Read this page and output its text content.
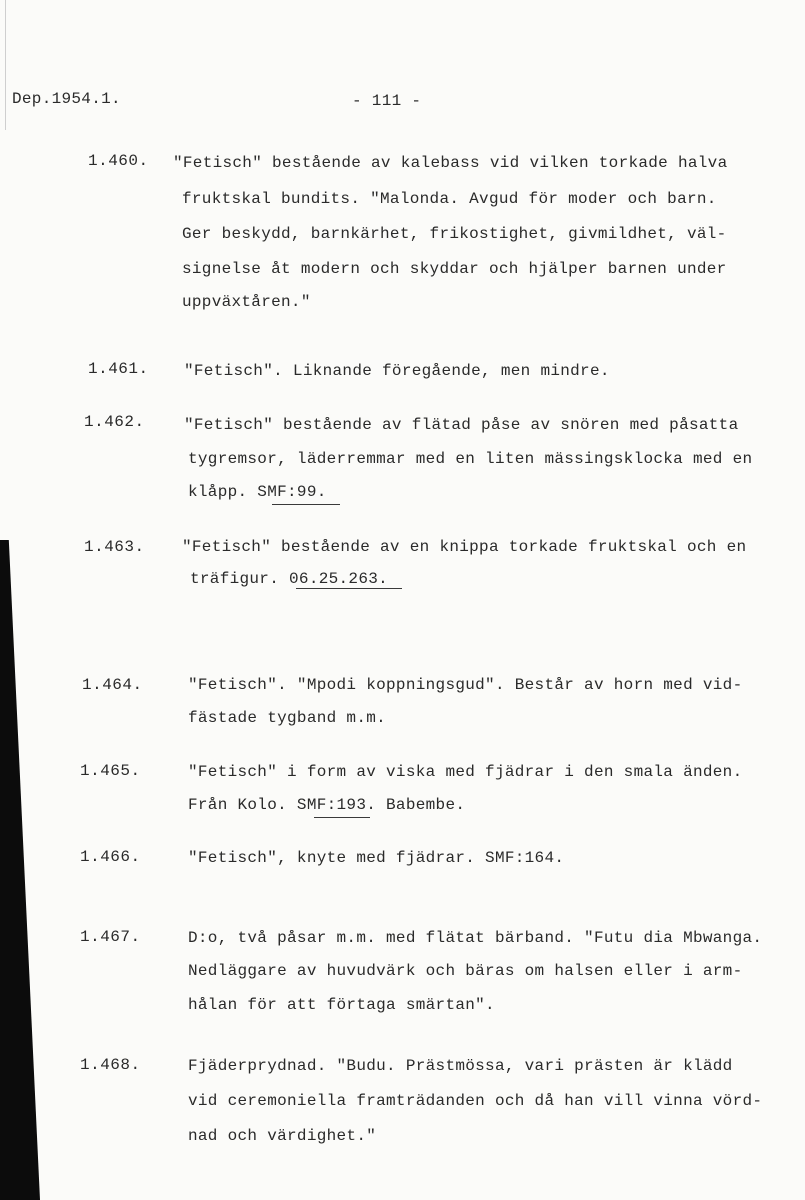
Dep.1954.1.	- 111 -
1.460. "Fetisch" bestående av kalebass vid vilken torkade halva
fruktskal bundits. "Malonda. Avgud för moder och barn.
Ger beskydd, barnkärhet, frikostighet, givmildhet, väl-
signelse åt modern och skyddar och hjälper barnen under
uppväxtåren."
1.461. "Fetisch". Liknande föregående, men mindre.
1.462. "Fetisch" bestående av flätad påse av snören med påsatta
tygremsor, läderremmar med en liten mässingsklocka med en
klåpp. SMF:99.
1.463. "Fetisch" bestående av en knippa torkade fruktskal och en
träfigur. 06.25.263.
1.464.	"Fetisch". "Mpodi koppningsgud". Består av horn med vid-
fästade tygband m.m.
1.465.	"Fetisch" i form av viska med fjädrar i den smala änden.
Från Kolo. SMF:193. Babembe.
1.466.	"Fetisch", knyte med fjädrar. SMF:164.
1.467.	D:o, två påsar m.m. med flätat bärband. "Futu dia Mbwanga.
Nedläggare av huvudvärk och bäras om halsen eller i arm-
hålan för att förtaga smärtan".
1.468.	Fjäderprydnad. "Budu. Prästmössa, vari prästen är klädd
vid ceremoniella framträdanden och då han vill vinna vörd-
nad och värdighet."
